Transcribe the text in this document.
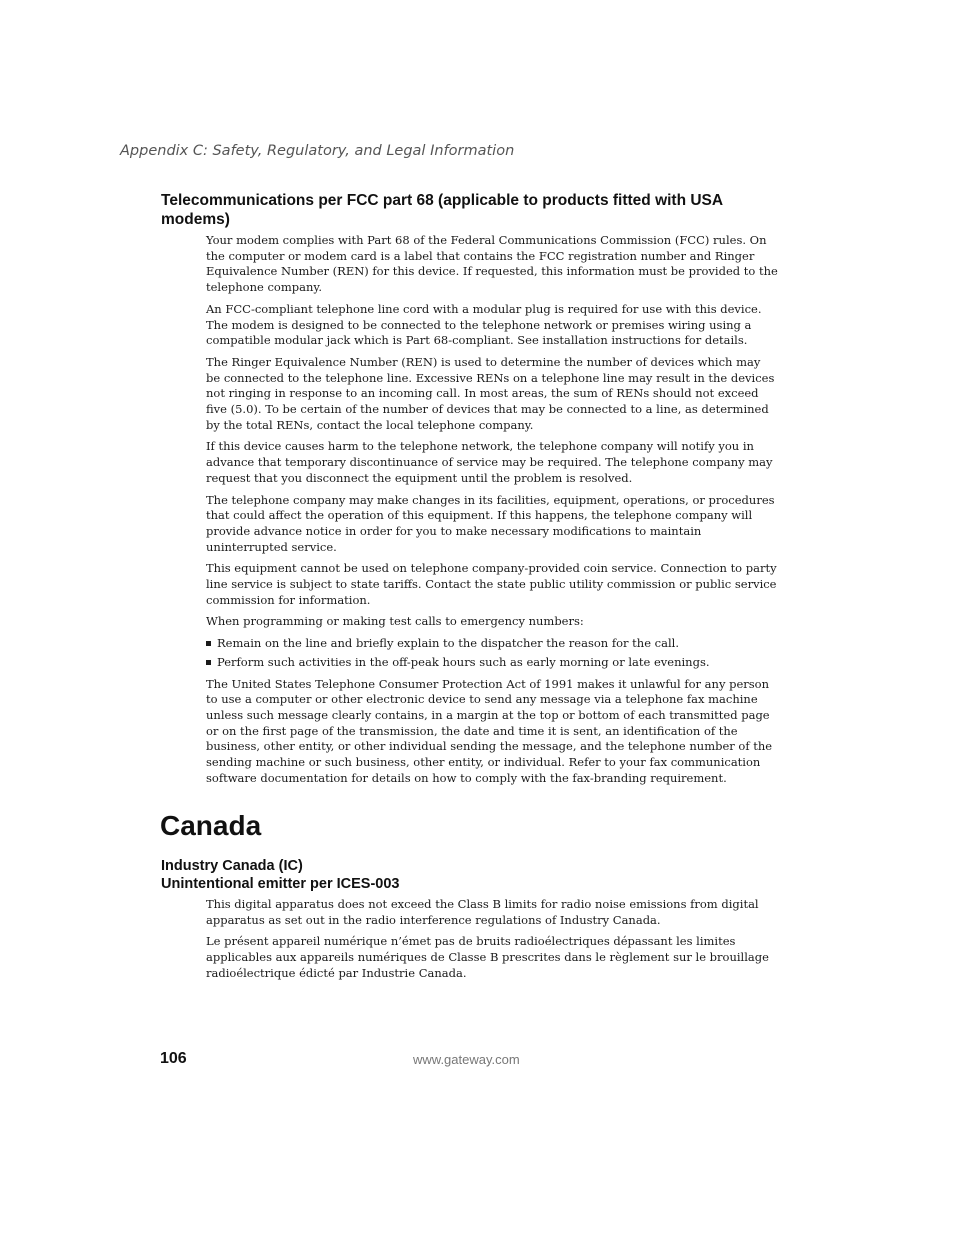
Appendix C: Safety, Regulatory, and Legal Information
Telecommunications per FCC part 68 (applicable to products fitted with USA
modems)

Your modem complies with Part 68 of the Federal Communications Commission (FCC) rules. On the computer or modem card is a label that contains the FCC registration number and Ringer Equivalence Number (REN) for this device. If requested, this information must be provided to the telephone company.

An FCC-compliant telephone line cord with a modular plug is required for use with this device. The modem is designed to be connected to the telephone network or premises wiring using a compatible modular jack which is Part 68-compliant. See installation instructions for details.

The Ringer Equivalence Number (REN) is used to determine the number of devices which may be connected to the telephone line. Excessive RENs on a telephone line may result in the devices not ringing in response to an incoming call. In most areas, the sum of RENs should not exceed five (5.0). To be certain of the number of devices that may be connected to a line, as determined by the total RENs, contact the local telephone company.

If this device causes harm to the telephone network, the telephone company will notify you in advance that temporary discontinuance of service may be required. The telephone company may request that you disconnect the equipment until the problem is resolved.

The telephone company may make changes in its facilities, equipment, operations, or procedures that could affect the operation of this equipment. If this happens, the telephone company will provide advance notice in order for you to make necessary modifications to maintain uninterrupted service.

This equipment cannot be used on telephone company-provided coin service. Connection to party line service is subject to state tariffs. Contact the state public utility commission or public service commission for information.

When programming or making test calls to emergency numbers:

Remain on the line and briefly explain to the dispatcher the reason for the call.
Perform such activities in the off-peak hours such as early morning or late evenings.

The United States Telephone Consumer Protection Act of 1991 makes it unlawful for any person to use a computer or other electronic device to send any message via a telephone fax machine unless such message clearly contains, in a margin at the top or bottom of each transmitted page or on the first page of the transmission, the date and time it is sent, an identification of the business, other entity, or other individual sending the message, and the telephone number of the sending machine or such business, other entity, or individual. Refer to your fax communication software documentation for details on how to comply with the fax-branding requirement.

Canada
Industry Canada (IC)
Unintentional emitter per ICES-003

This digital apparatus does not exceed the Class B limits for radio noise emissions from digital apparatus as set out in the radio interference regulations of Industry Canada.

Le présent appareil numérique n’émet pas de bruits radioélectriques dépassant les limites applicables aux appareils numériques de Classe B prescrites dans le règlement sur le brouillage radioélectrique édicté par Industrie Canada.

106	www.gateway.com
